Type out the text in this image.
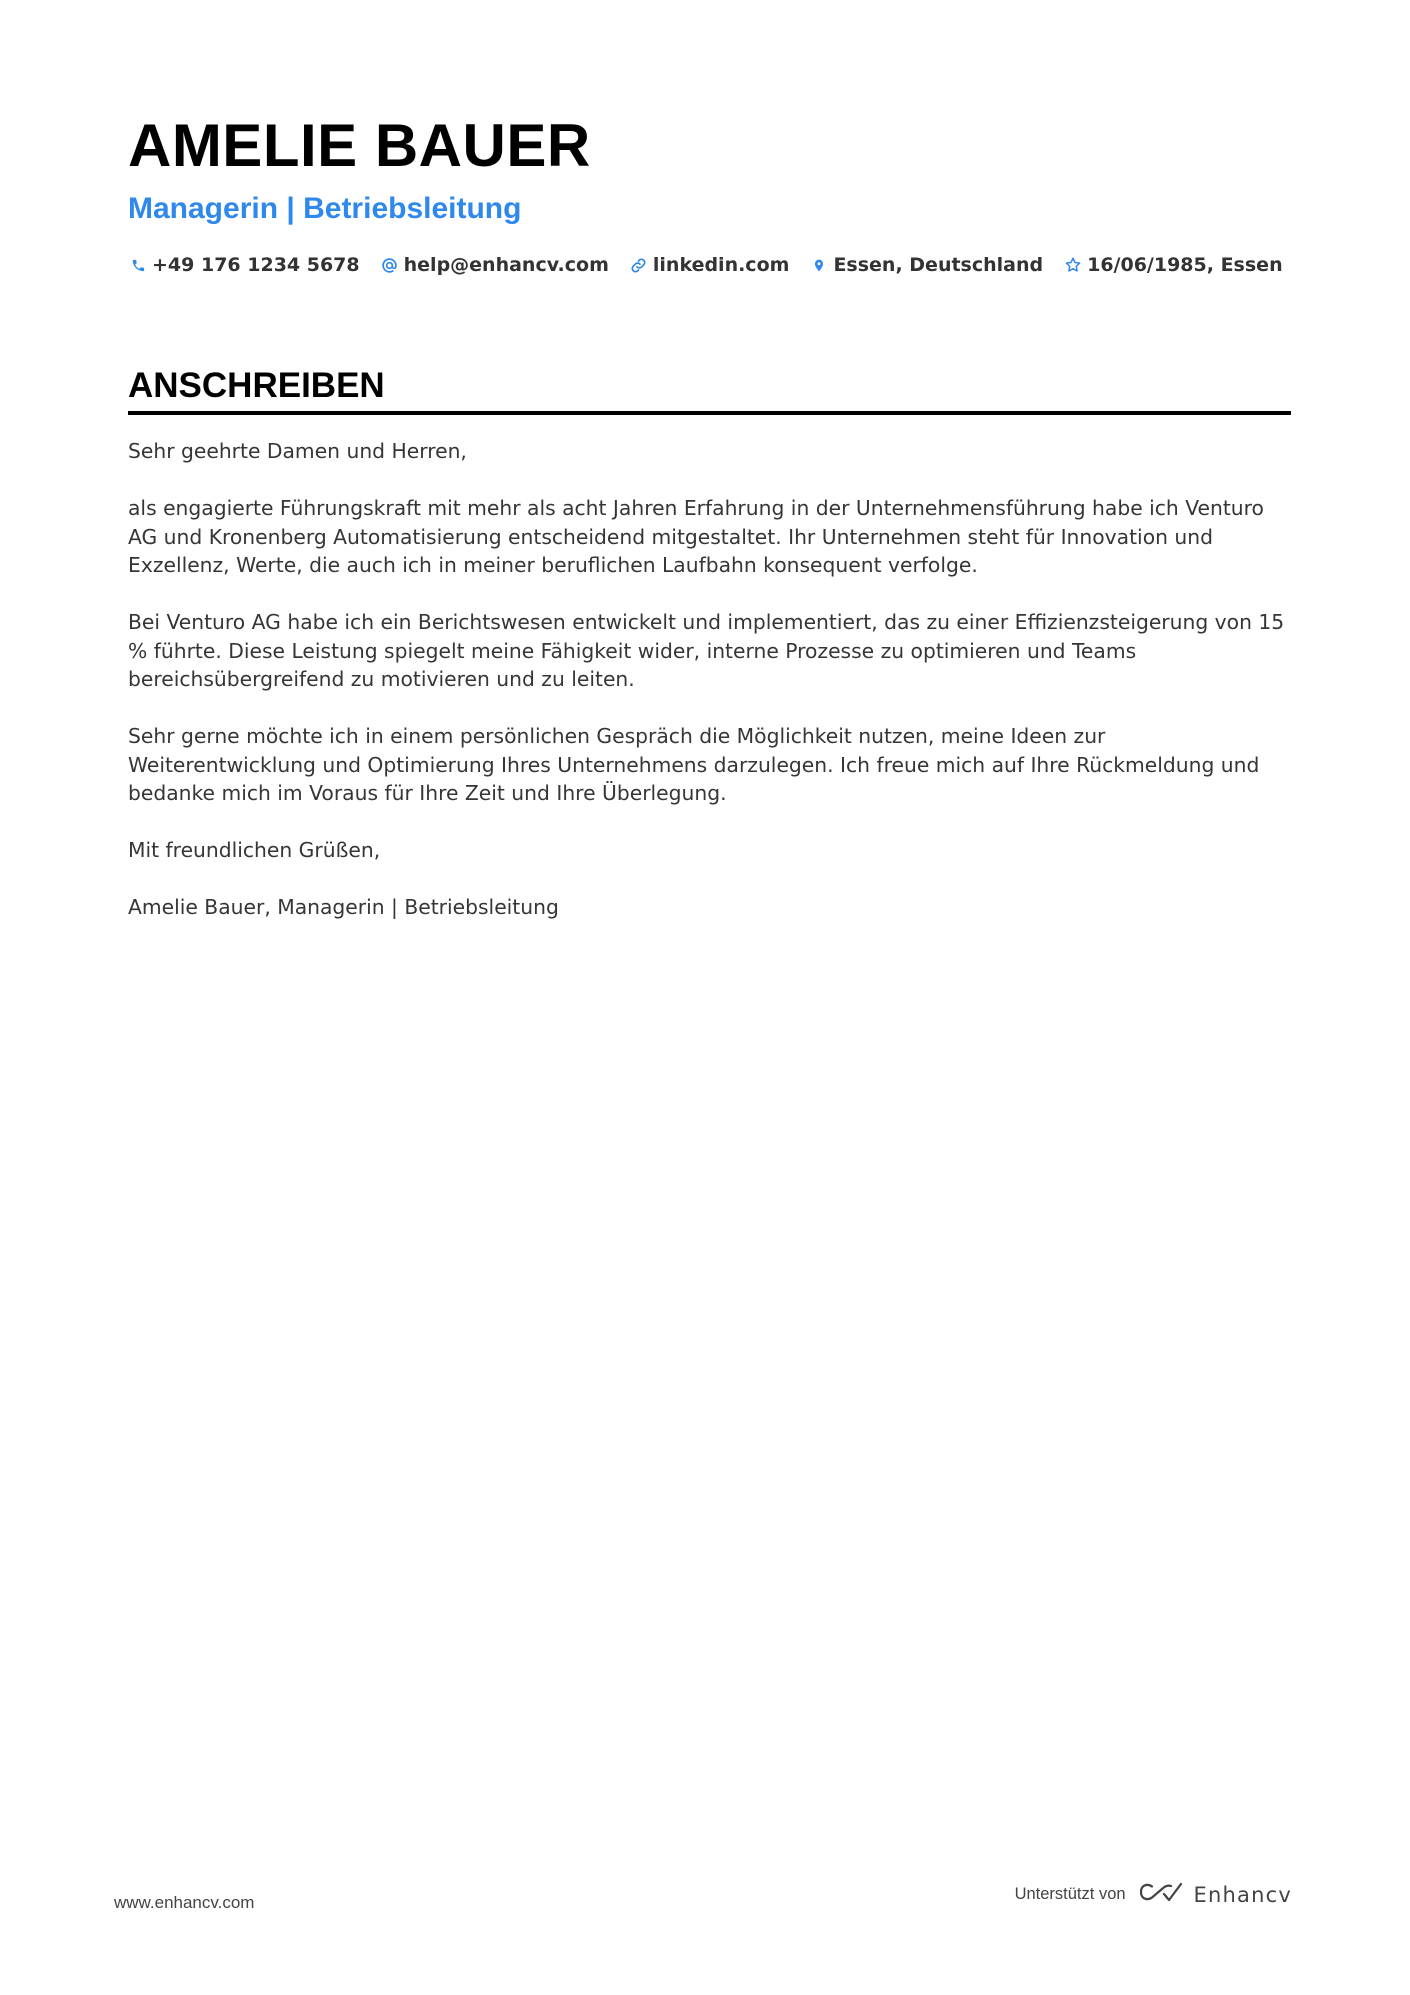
AMELIE BAUER
Managerin | Betriebsleitung
+49 176 1234 5678 help@enhancv.com linkedin.com Essen, Deutschland 16/06/1985, Essen
ANSCHREIBEN

Sehr geehrte Damen und Herren,

als engagierte Führungskraft mit mehr als acht Jahren Erfahrung in der Unternehmensführung habe ich Venturo AG und Kronenberg Automatisierung entscheidend mitgestaltet. Ihr Unternehmen steht für Innovation und Exzellenz, Werte, die auch ich in meiner beruflichen Laufbahn konsequent verfolge.

Bei Venturo AG habe ich ein Berichtswesen entwickelt und implementiert, das zu einer Effizienzsteigerung von 15 % führte. Diese Leistung spiegelt meine Fähigkeit wider, interne Prozesse zu optimieren und Teams bereichsübergreifend zu motivieren und zu leiten.

Sehr gerne möchte ich in einem persönlichen Gespräch die Möglichkeit nutzen, meine Ideen zur Weiterentwicklung und Optimierung Ihres Unternehmens darzulegen. Ich freue mich auf Ihre Rückmeldung und bedanke mich im Voraus für Ihre Zeit und Ihre Überlegung.

Mit freundlichen Grüßen,

Amelie Bauer, Managerin | Betriebsleitung

www.enhancv.com	Unterstützt von	Enhancv
